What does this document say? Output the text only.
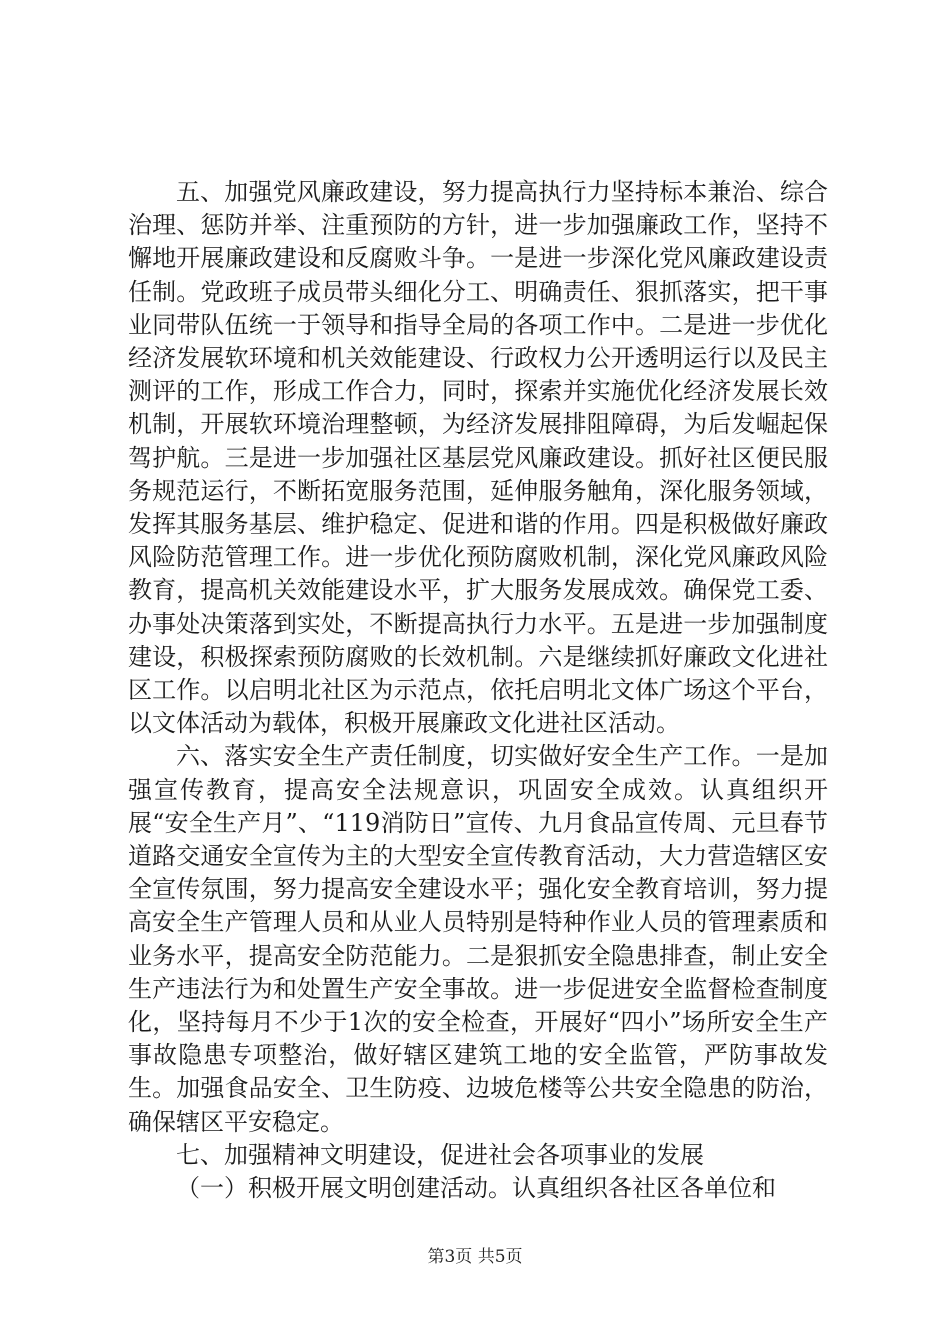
五、加强党风廉政建设，努力提高执行力坚持标本兼治、综合治理、惩防并举、注重预防的方针，进一步加强廉政工作，坚持不懈地开展廉政建设和反腐败斗争。一是进一步深化党风廉政建设责任制。党政班子成员带头细化分工、明确责任、狠抓落实，把干事业同带队伍统一于领导和指导全局的各项工作中。二是进一步优化经济发展软环境和机关效能建设、行政权力公开透明运行以及民主测评的工作，形成工作合力，同时，探索并实施优化经济发展长效机制，开展软环境治理整顿，为经济发展排阻障碍，为后发崛起保驾护航。三是进一步加强社区基层党风廉政建设。抓好社区便民服务规范运行，不断拓宽服务范围，延伸服务触角，深化服务领域，发挥其服务基层、维护稳定、促进和谐的作用。四是积极做好廉政风险防范管理工作。进一步优化预防腐败机制，深化党风廉政风险教育，提高机关效能建设水平，扩大服务发展成效。确保党工委、办事处决策落到实处，不断提高执行力水平。五是进一步加强制度建设，积极探索预防腐败的长效机制。六是继续抓好廉政文化进社区工作。以启明北社区为示范点，依托启明北文体广场这个平台，以文体活动为载体，积极开展廉政文化进社区活动。

六、落实安全生产责任制度，切实做好安全生产工作。一是加强宣传教育，提高安全法规意识，巩固安全成效。认真组织开展“安全生产月”、“119消防日”宣传、九月食品宣传周、元旦春节道路交通安全宣传为主的大型安全宣传教育活动，大力营造辖区安全宣传氛围，努力提高安全建设水平；强化安全教育培训，努力提高安全生产管理人员和从业人员特别是特种作业人员的管理素质和业务水平，提高安全防范能力。二是狠抓安全隐患排查，制止安全生产违法行为和处置生产安全事故。进一步促进安全监督检查制度化，坚持每月不少于1次的安全检查，开展好“四小”场所安全生产事故隐患专项整治，做好辖区建筑工地的安全监管，严防事故发生。加强食品安全、卫生防疫、边坡危楼等公共安全隐患的防治，确保辖区平安稳定。

七、加强精神文明建设，促进社会各项事业的发展

（一）积极开展文明创建活动。认真组织各社区各单位和

第3页 共5页
